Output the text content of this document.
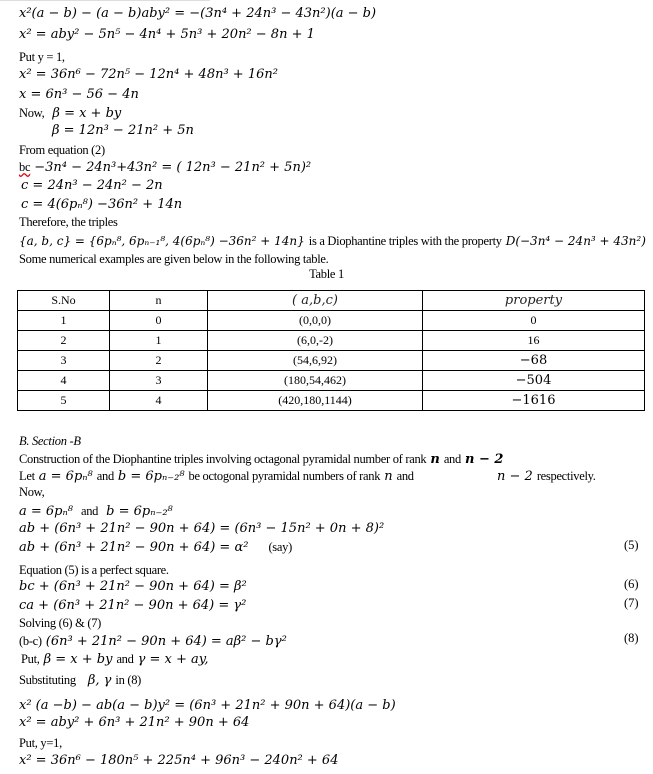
x²(a − b) − (a − b)aby² = −(3n⁴ + 24n³ − 43n²)(a − b)
x² = aby² − 5n⁵ − 4n⁴ + 5n³ + 20n² − 8n + 1
Put y = 1,
x² = 36n⁶ − 72n⁵ − 12n⁴ + 48n³ + 16n²
x = 6n³ − 56 − 4n
Now, β = x + by
β = 12n³ − 21n² + 5n
From equation (2)
bc −3n⁴ − 24n³+43n² = ( 12n³ − 21n² + 5n)²
c = 24n³ − 24n² − 2n
c = 4(6pₙ⁸) −36n² + 14n
Therefore, the triples
{a, b, c} = {6pₙ⁸, 6pₙ₋₁⁸, 4(6pₙ⁸) −36n² + 14n} is a Diophantine triples with the property D(−3n⁴ − 24n³ + 43n²)
Some numerical examples are given below in the following table.
Table 1
S.No	n	( a,b,c)	property
1	0	(0,0,0)	0
2	1	(6,0,-2)	16
3	2	(54,6,92)	−68
4	3	(180,54,462)	−504
5	4	(420,180,1144)	−1616
B. Section -B
Construction of the Diophantine triples involving octagonal pyramidal number of rank n and n − 2
Let a = 6pₙ⁸ and b = 6pₙ₋₂⁸ be octogonal pyramidal numbers of rank n and	n − 2 respectively.
Now,
a = 6pₙ⁸ and b = 6pₙ₋₂⁸
ab + (6n³ + 21n² − 90n + 64) = (6n³ − 15n² + 0n + 8)²
ab + (6n³ + 21n² − 90n + 64) = α² (say)	(5)
Equation (5) is a perfect square.
bc + (6n³ + 21n² − 90n + 64) = β²	(6)
ca + (6n³ + 21n² − 90n + 64) = γ²	(7)
Solving (6) & (7)
(b-c) (6n³ + 21n² − 90n + 64) = aβ² − bγ²	(8)
Put, β = x + by and γ = x + ay,
Substituting β, γ in (8)
x² (a −b) − ab(a − b)y² = (6n³ + 21n² + 90n + 64)(a − b)
x² = aby² + 6n³ + 21n² + 90n + 64
Put, y=1,
x² = 36n⁶ − 180n⁵ + 225n⁴ + 96n³ − 240n² + 64
